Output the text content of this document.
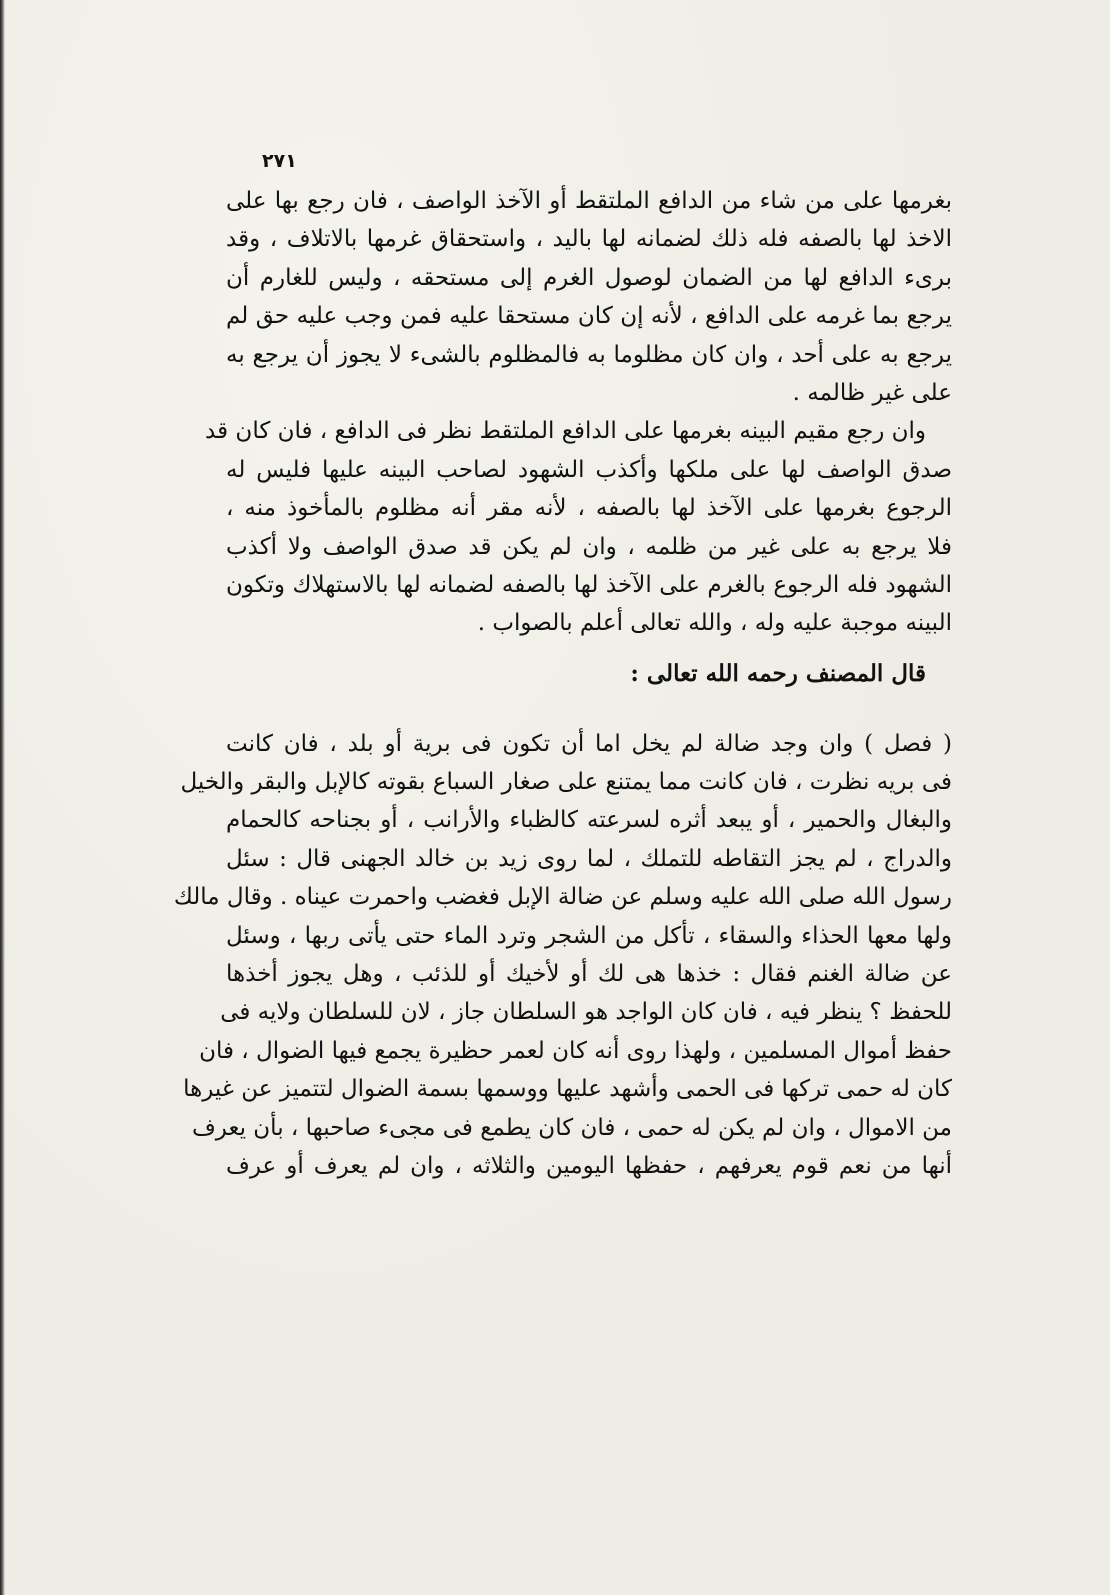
٢٧١
بغرمها على من شاء من الدافع الملتقط أو الآخذ الواصف ، فان رجع بها على
الاخذ لها بالصفه فله ذلك لضمانه لها باليد ، واستحقاق غرمها بالاتلاف ، وقد
برىء الدافع لها من الضمان لوصول الغرم إلى مستحقه ، وليس للغارم أن
يرجع بما غرمه على الدافع ، لأنه إن كان مستحقا عليه فمن وجب عليه حق لم
يرجع به على أحد ، وان كان مظلوما به فالمظلوم بالشىء لا يجوز أن يرجع به
على غير ظالمه .
وان رجع مقيم البينه بغرمها على الدافع الملتقط نظر فى الدافع ، فان كان قد
صدق الواصف لها على ملكها وأكذب الشهود لصاحب البينه عليها فليس له
الرجوع بغرمها على الآخذ لها بالصفه ، لأنه مقر أنه مظلوم بالمأخوذ منه ،
فلا يرجع به على غير من ظلمه ، وان لم يكن قد صدق الواصف ولا أكذب
الشهود فله الرجوع بالغرم على الآخذ لها بالصفه لضمانه لها بالاستهلاك وتكون
البينه موجبة عليه وله ، والله تعالى أعلم بالصواب .
قال المصنف رحمه الله تعالى :
( فصل ) وان وجد ضالة لم يخل اما أن تكون فى برية أو بلد ، فان كانت
فى بريه نظرت ، فان كانت مما يمتنع على صغار السباع بقوته كالإبل والبقر والخيل
والبغال والحمير ، أو يبعد أثره لسرعته كالظباء والأرانب ، أو بجناحه كالحمام
والدراج ، لم يجز التقاطه للتملك ، لما روى زيد بن خالد الجهنى قال : سئل
رسول الله صلى الله عليه وسلم عن ضالة الإبل فغضب واحمرت عيناه . وقال مالك
ولها معها الحذاء والسقاء ، تأكل من الشجر وترد الماء حتى يأتى ربها ، وسئل
عن ضالة الغنم فقال : خذها هى لك أو لأخيك أو للذئب ، وهل يجوز أخذها
للحفظ ؟ ينظر فيه ، فان كان الواجد هو السلطان جاز ، لان للسلطان ولايه فى
حفظ أموال المسلمين ، ولهذا روى أنه كان لعمر حظيرة يجمع فيها الضوال ، فان
كان له حمى تركها فى الحمى وأشهد عليها ووسمها بسمة الضوال لتتميز عن غيرها
من الاموال ، وان لم يكن له حمى ، فان كان يطمع فى مجىء صاحبها ، بأن يعرف
أنها من نعم قوم يعرفهم ، حفظها اليومين والثلاثه ، وان لم يعرف أو عرف
